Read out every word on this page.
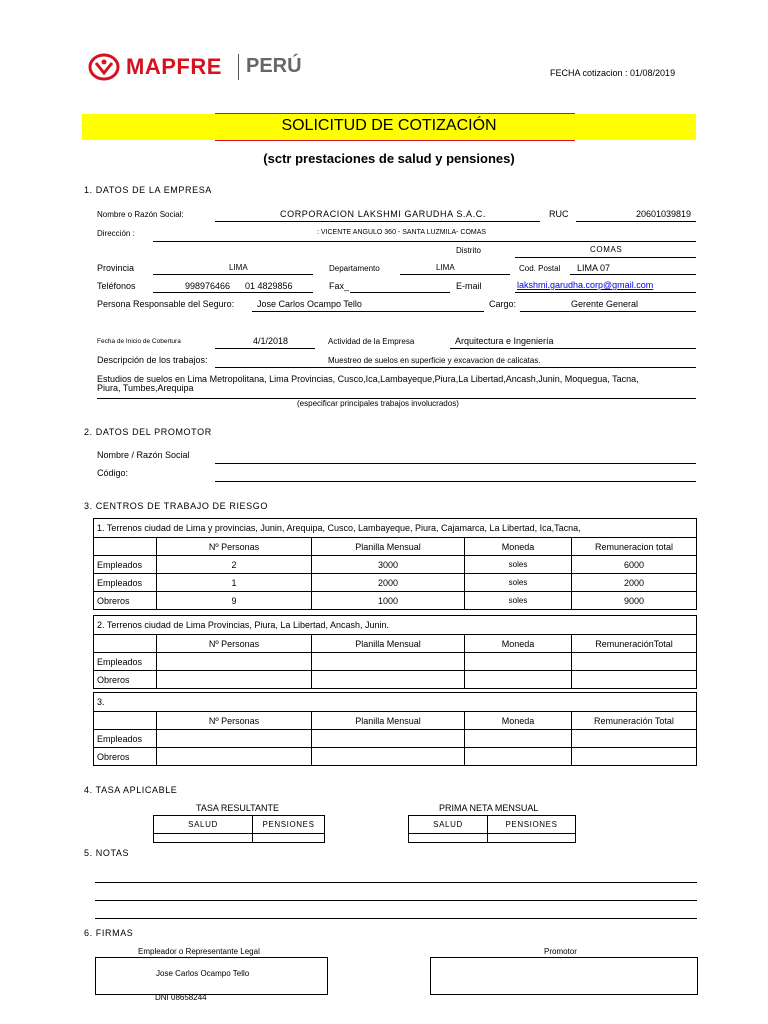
MAPFRE PERÚ	FECHA cotizacion : 01/08/2019
SOLICITUD DE COTIZACIÓN
(sctr prestaciones de salud y pensiones)
1. DATOS DE LA EMPRESA
Nombre o Razón Social:	CORPORACION LAKSHMI GARUDHA S.A.C.	RUC	20601039819
Dirección :	: VICENTE ANGULO 360 - SANTA LUZMILA- COMAS
Distrito	COMAS
Provincia	LIMA	Departamento	LIMA	Cod. Postal LIMA 07
Teléfonos	998976466 01 4829856	Fax_	E-mail	lakshmi.garudha.corp@gmail.com
Persona Responsable del Seguro:	Jose Carlos Ocampo Tello	Cargo:	Gerente General
Fecha de Inicio de Cobertura	4/1/2018	Actividad de la Empresa	Arquitectura e Ingeniería
Descripción de los trabajos:	Muestreo de suelos en superficie y excavacion de calicatas.
Estudios de suelos en Lima Metropolitana, Lima Provincias, Cusco,Ica,Lambayeque,Piura,La Libertad,Ancash,Junin, Moquegua, Tacna,
Piura, Tumbes,Arequipa
(especificar principales trabajos involucrados)
2. DATOS DEL PROMOTOR
Nombre / Razón Social
Código:
3. CENTROS DE TRABAJO DE RIESGO
1. Terrenos ciudad de Lima y provincias, Junin, Arequipa, Cusco, Lambayeque, Piura, Cajamarca, La Libertad, Ica,Tacna,				
	Nº Personas	Planilla Mensual	Moneda	Remuneracion total
Empleados	2	3000	soles	6000
Empleados	1	2000	soles	2000
Obreros	9	1000	soles	9000
2. Terrenos ciudad de Lima Provincias, Piura, La Libertad, Ancash, Junin.				
	Nº Personas	Planilla Mensual	Moneda	RemuneraciónTotal
Empleados				
Obreros				
3.				
	Nº Personas	Planilla Mensual	Moneda	Remuneración Total
Empleados				
Obreros				
4. TASA APLICABLE
TASA RESULTANTE	PRIMA NETA MENSUAL
SALUD	PENSIONES
		SALUD	PENSIONES

5. NOTAS
6. FIRMAS
Empleador o Representante Legal	Promotor
Jose Carlos Ocampo Tello
DNI 08658244
